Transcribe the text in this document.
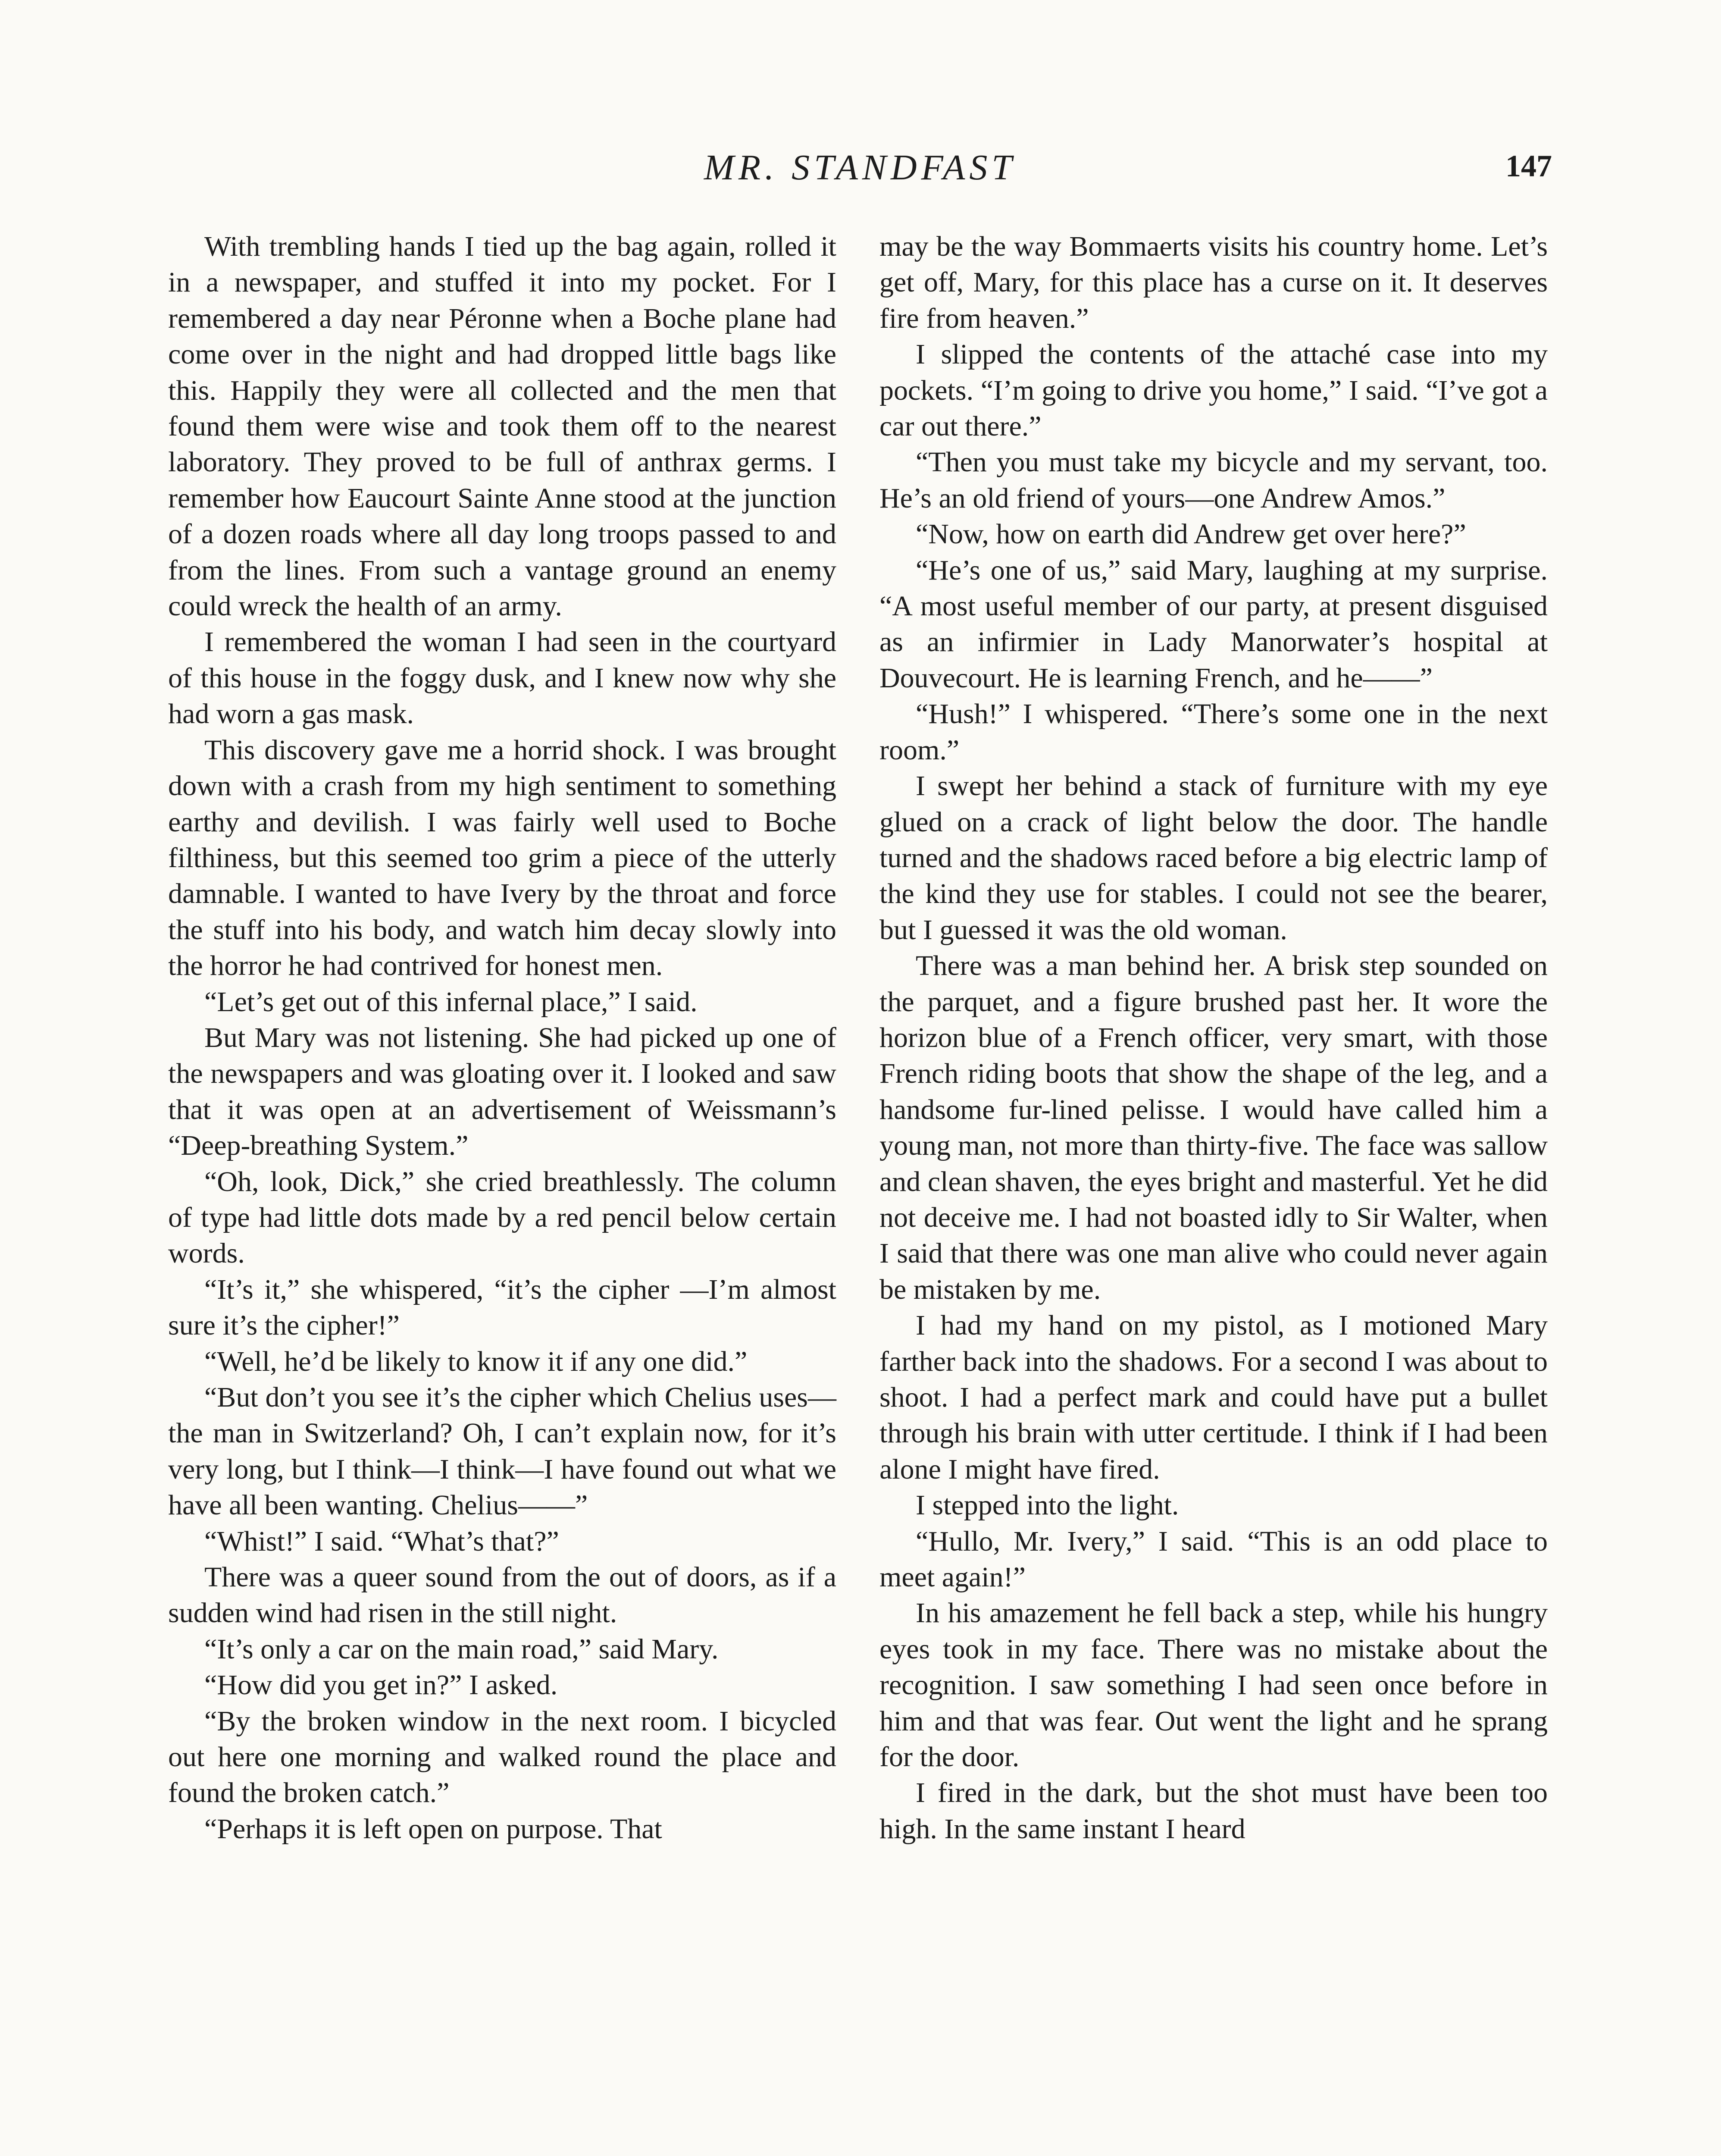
MR. STANDFAST	147

With trembling hands I tied up the bag again, rolled it in a newspaper, and stuffed it into my pocket. For I remembered a day near Péronne when a Boche plane had come over in the night and had dropped little bags like this. Happily they were all collected and the men that found them were wise and took them off to the nearest laboratory. They proved to be full of anthrax germs. I remember how Eaucourt Sainte Anne stood at the junction of a dozen roads where all day long troops passed to and from the lines. From such a vantage ground an enemy could wreck the health of an army.

I remembered the woman I had seen in the courtyard of this house in the foggy dusk, and I knew now why she had worn a gas mask.

This discovery gave me a horrid shock. I was brought down with a crash from my high sentiment to something earthy and devilish. I was fairly well used to Boche filthiness, but this seemed too grim a piece of the utterly damnable. I wanted to have Ivery by the throat and force the stuff into his body, and watch him decay slowly into the horror he had contrived for honest men.

“Let’s get out of this infernal place,” I said.

But Mary was not listening. She had picked up one of the newspapers and was gloating over it. I looked and saw that it was open at an advertisement of Weissmann’s “Deep-breathing System.”

“Oh, look, Dick,” she cried breathlessly. The column of type had little dots made by a red pencil below certain words.

“It’s it,” she whispered, “it’s the cipher —I’m almost sure it’s the cipher!”

“Well, he’d be likely to know it if any one did.”

“But don’t you see it’s the cipher which Chelius uses—the man in Switzerland? Oh, I can’t explain now, for it’s very long, but I think—I think—I have found out what we have all been wanting. Chelius——”

“Whist!” I said. “What’s that?”

There was a queer sound from the out of doors, as if a sudden wind had risen in the still night.

“It’s only a car on the main road,” said Mary.

“How did you get in?” I asked.

“By the broken window in the next room. I bicycled out here one morning and walked round the place and found the broken catch.”

“Perhaps it is left open on purpose. That

may be the way Bommaerts visits his country home. Let’s get off, Mary, for this place has a curse on it. It deserves fire from heaven.”

I slipped the contents of the attaché case into my pockets. “I’m going to drive you home,” I said. “I’ve got a car out there.”

“Then you must take my bicycle and my servant, too. He’s an old friend of yours—one Andrew Amos.”

“Now, how on earth did Andrew get over here?”

“He’s one of us,” said Mary, laughing at my surprise. “A most useful member of our party, at present disguised as an infirmier in Lady Manorwater’s hospital at Douvecourt. He is learning French, and he——”

“Hush!” I whispered. “There’s some one in the next room.”

I swept her behind a stack of furniture with my eye glued on a crack of light below the door. The handle turned and the shadows raced before a big electric lamp of the kind they use for stables. I could not see the bearer, but I guessed it was the old woman.

There was a man behind her. A brisk step sounded on the parquet, and a figure brushed past her. It wore the horizon blue of a French officer, very smart, with those French riding boots that show the shape of the leg, and a handsome fur-lined pelisse. I would have called him a young man, not more than thirty-five. The face was sallow and clean shaven, the eyes bright and masterful. Yet he did not deceive me. I had not boasted idly to Sir Walter, when I said that there was one man alive who could never again be mistaken by me.

I had my hand on my pistol, as I motioned Mary farther back into the shadows. For a second I was about to shoot. I had a perfect mark and could have put a bullet through his brain with utter certitude. I think if I had been alone I might have fired.

I stepped into the light.

“Hullo, Mr. Ivery,” I said. “This is an odd place to meet again!”

In his amazement he fell back a step, while his hungry eyes took in my face. There was no mistake about the recognition. I saw something I had seen once before in him and that was fear. Out went the light and he sprang for the door.

I fired in the dark, but the shot must have been too high. In the same instant I heard
